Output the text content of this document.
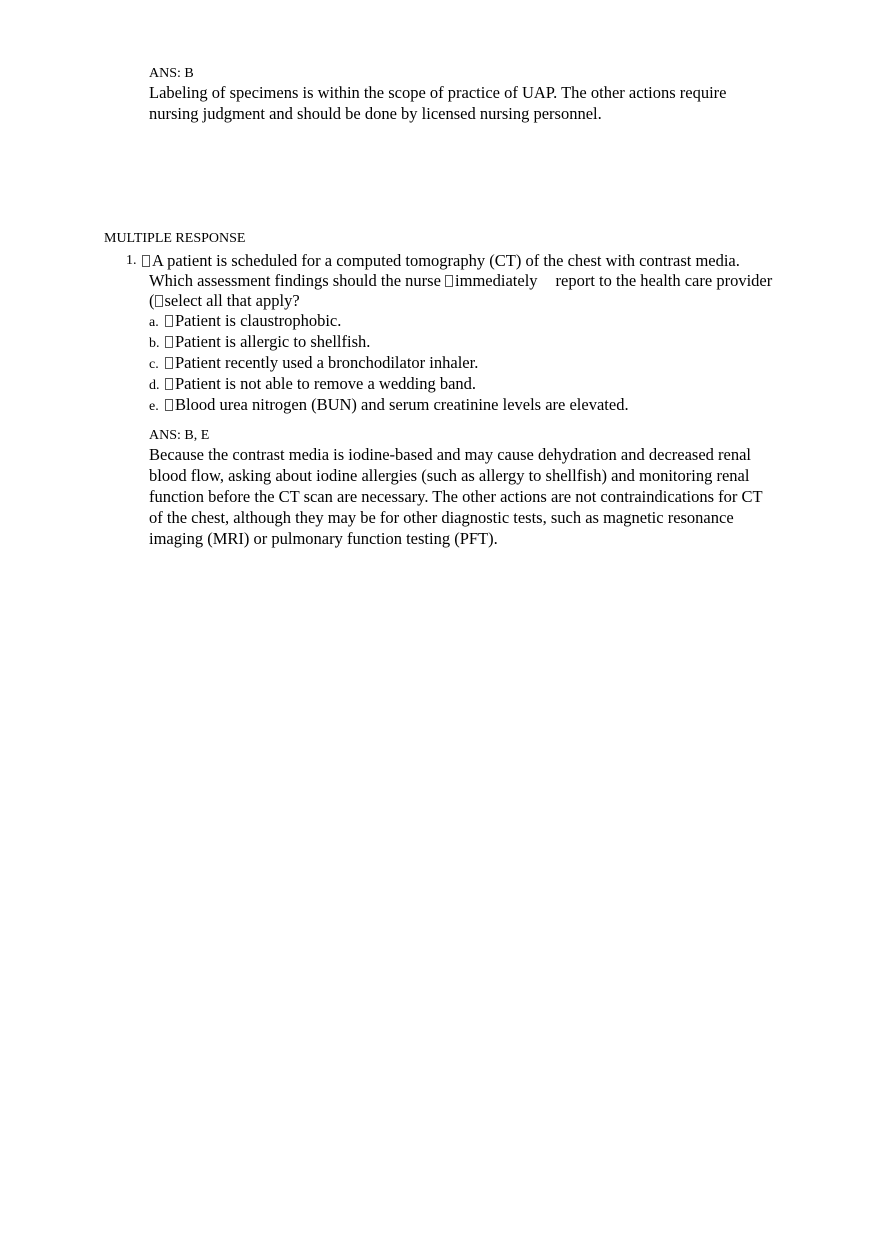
ANS: B
Labeling of specimens is within the scope of practice of UAP. The other actions require
nursing judgment and should be done by licensed nursing personnel.
MULTIPLE RESPONSE
1. A patient is scheduled for a computed tomography (CT) of the chest with contrast media.
Which assessment findings should the nurse immediately report to the health care provider
( select all that apply?
a. Patient is claustrophobic.
b. Patient is allergic to shellfish.
c. Patient recently used a bronchodilator inhaler.
d. Patient is not able to remove a wedding band.
e. Blood urea nitrogen (BUN) and serum creatinine levels are elevated.
ANS: B, E
Because the contrast media is iodine-based and may cause dehydration and decreased renal
blood flow, asking about iodine allergies (such as allergy to shellfish) and monitoring renal
function before the CT scan are necessary. The other actions are not contraindications for CT
of the chest, although they may be for other diagnostic tests, such as magnetic resonance
imaging (MRI) or pulmonary function testing (PFT).
